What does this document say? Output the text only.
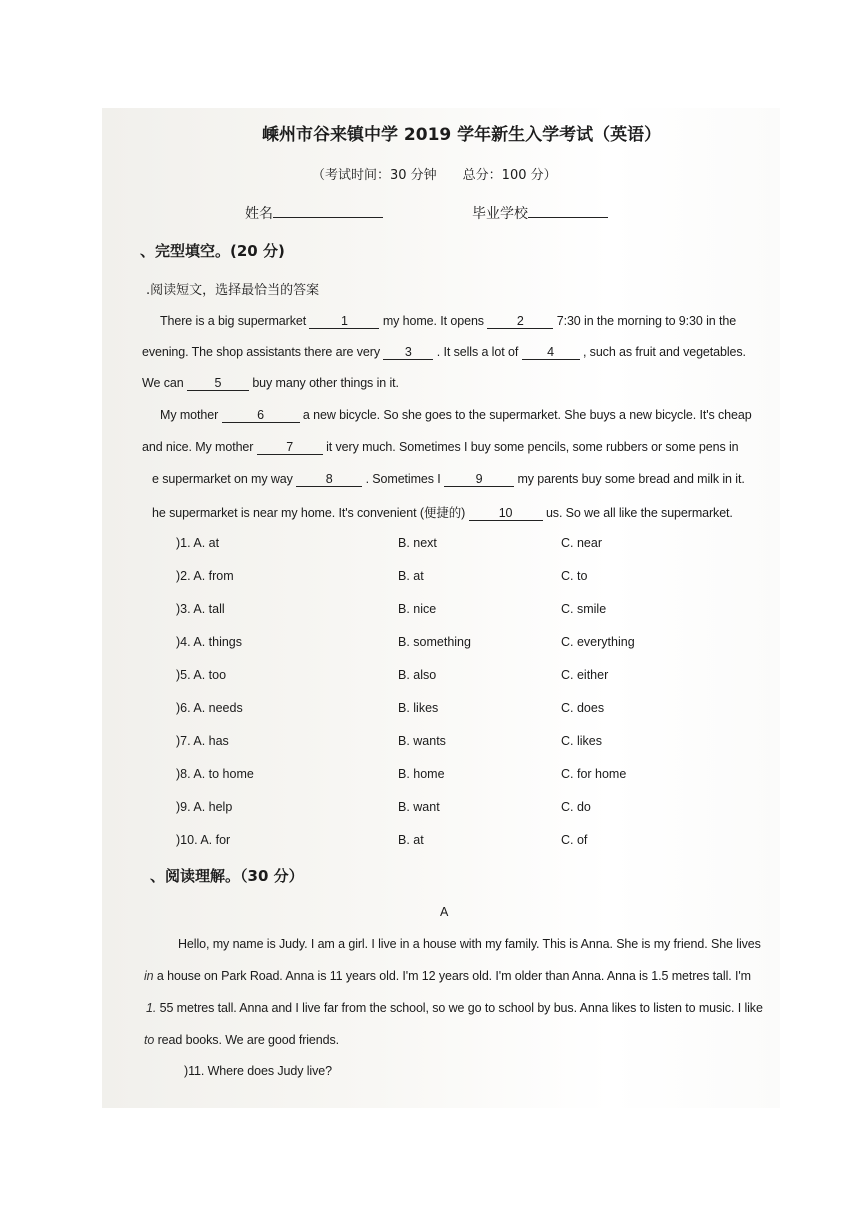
嵊州市谷来镇中学 2019 学年新生入学考试（英语）
（考试时间：30 分钟　　总分：100 分）
姓名	毕业学校
、完型填空。(20 分)
.阅读短文，选择最恰当的答案
There is a big supermarket	1	my home. It opens	2	7:30 in the morning to 9:30 in the
evening. The shop assistants there are very 3 . It sells a lot of 4 , such as fruit and vegetables.
We can 5 buy many other things in it.
My mother	6	a new bicycle. So she goes to the supermarket. She buys a new bicycle. It's cheap
and nice. My mother	7	it very much. Sometimes I buy some pencils, some rubbers or some pens in
e supermarket on my way	8	. Sometimes I	9	my parents buy some bread and milk in it.
he supermarket is near my home. It's convenient (便捷的)	10	us. So we all like the supermarket.
)1. A. at	B. next	C. near
)2. A. from	B. at	C. to
)3. A. tall	B. nice	C. smile
)4. A. things	B. something	C. everything
)5. A. too	B. also	C. either
)6. A. needs	B. likes	C. does
)7. A. has	B. wants	C. likes
)8. A. to home	B. home	C. for home
)9. A. help	B. want	C. do
)10. A. for	B. at	C. of
、阅读理解。（30 分）
A
Hello, my name is Judy. I am a girl. I live in a house with my family. This is Anna. She is my friend. She lives
in a house on Park Road. Anna is 11 years old. I'm 12 years old. I'm older than Anna. Anna is 1.5 metres tall. I'm
1. 55 metres tall. Anna and I live far from the school, so we go to school by bus. Anna likes to listen to music. I like
to read books. We are good friends.
)11. Where does Judy live?
